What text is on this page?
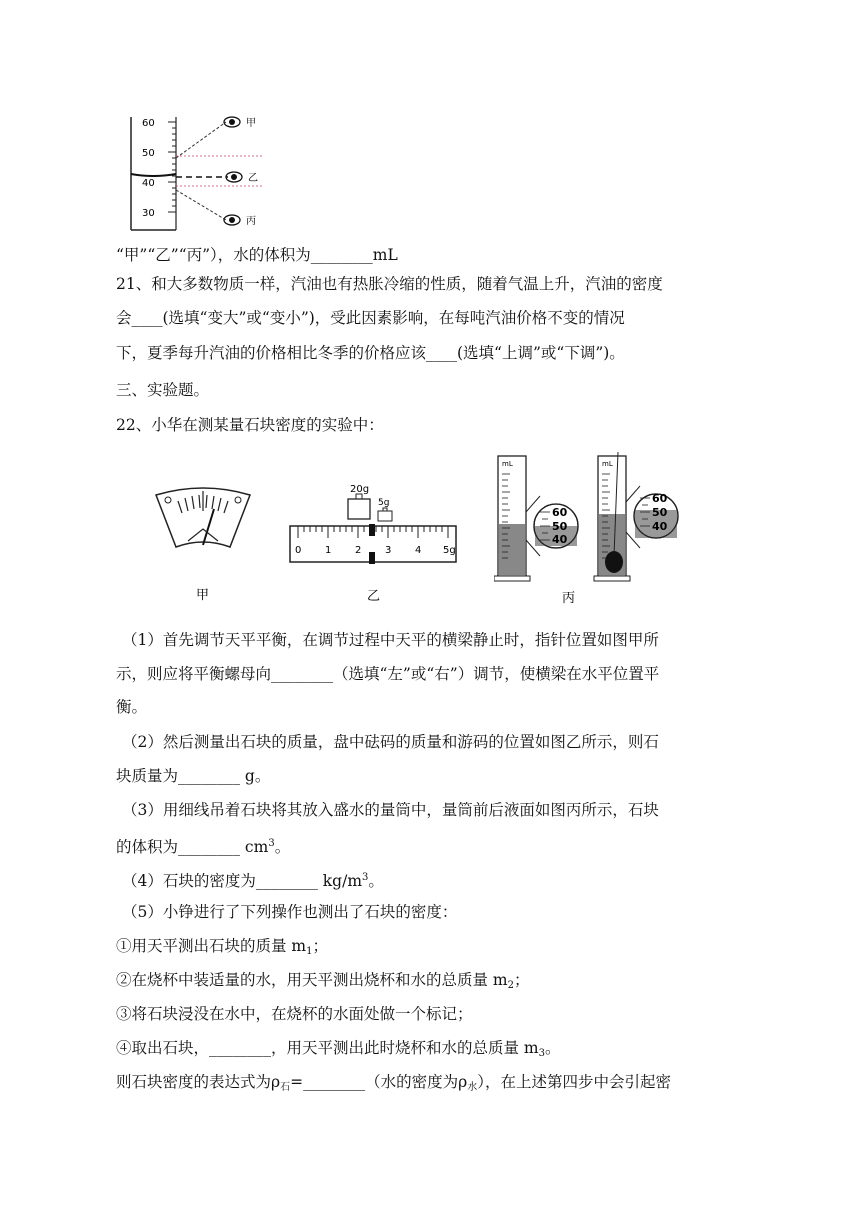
60
50
40
30
甲
乙
丙
“甲”“乙”“丙”），水的体积为________mL
21、和大多数物质一样，汽油也有热胀冷缩的性质，随着气温上升，汽油的密度
会____(选填“变大”或“变小”)，受此因素影响，在每吨汽油价格不变的情况
下，夏季每升汽油的价格相比冬季的价格应该____(选填“上调”或“下调”)。
三、实验题。
22、小华在测某量石块密度的实验中：
甲
20g
5g
0 1 2 3 4 5g
乙
mL
60
50
40
mL
60
50
40
丙
（1）首先调节天平平衡，在调节过程中天平的横梁静止时，指针位置如图甲所
示，则应将平衡螺母向________（选填“左”或“右”）调节，使横梁在水平位置平
衡。
（2）然后测量出石块的质量，盘中砝码的质量和游码的位置如图乙所示，则石
块质量为________ g。
（3）用细线吊着石块将其放入盛水的量筒中，量筒前后液面如图丙所示，石块
的体积为________ $cm^3$。
（4）石块的密度为________ $kg/m^3$。
（5）小铮进行了下列操作也测出了石块的密度：
①用天平测出石块的质量 $m_1$；
②在烧杯中装适量的水，用天平测出烧杯和水的总质量 $m_2$；
③将石块浸没在水中，在烧杯的水面处做一个标记；
④取出石块，________，用天平测出此时烧杯和水的总质量 $m_3$。
则石块密度的表达式为$\rho_石=\_\_\_\_\_\_\_\_$（水的密度为$\rho_水$），在上述第四步中会引起密
